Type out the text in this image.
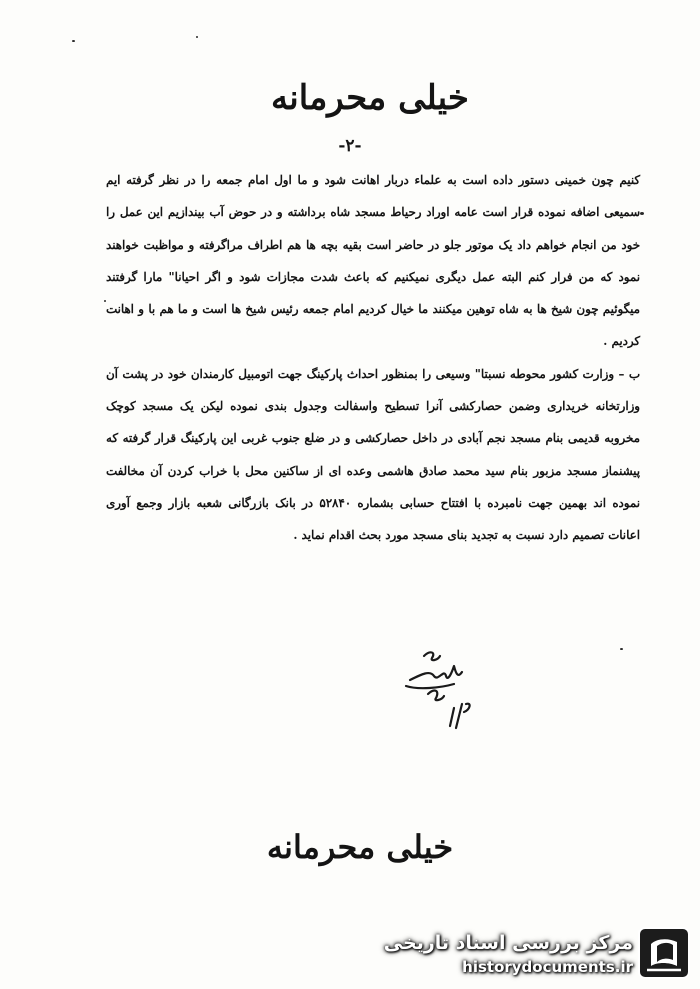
خیلی محرمانه
-۲-

کنیم چون خمینی دستور داده است به علماء دربار اهانت شود و ما اول امام جمعه را در نظر گرفته ایم سمیعی اضافه نموده قرار است عامه اوراد رحیاط مسجد شاه برداشته و در حوض آب بیندازیم این عمل را خود من انجام خواهم داد یک موتور جلو در حاضر است بقیه بچه ها هم اطراف مراگرفته و مواظبت خواهند نمود که من فرار کنم البته عمل دیگری نمیکنیم که باعث شدت مجازات شود و اگر احیانا" مارا گرفتند میگوئیم چون شیخ ها به شاه توهین میکنند ما خیال کردیم امام جمعه رئیس شیخ ها است و ما هم با و اهانت کردیم .

ب – وزارت کشور محوطه نسبتا" وسیعی را بمنظور احداث پارکینگ جهت اتومبیل کارمندان خود در پشت آن وزارتخانه خریداری وضمن حصارکشی آنرا تسطیح واسفالت وجدول بندی نموده لیکن یک مسجد کوچک مخروبه قدیمی بنام مسجد نجم آبادی در داخل حصارکشی و در ضلع جنوب غربی این پارکینگ قرار گرفته که پیشنماز مسجد مزبور بنام سید محمد صادق هاشمی وعده ای از ساکنین محل با خراب کردن آن مخالفت نموده اند بهمین جهت نامبرده با افتتاح حسابی بشماره ۵۲۸۴۰ در بانک بازرگانی شعبه بازار وجمع آوری اعانات تصمیم دارد نسبت به تجدید بنای مسجد مورد بحث اقدام نماید .

خیلی محرمانه
مرکز بررسی اسناد تاریخی
historydocuments.ir
